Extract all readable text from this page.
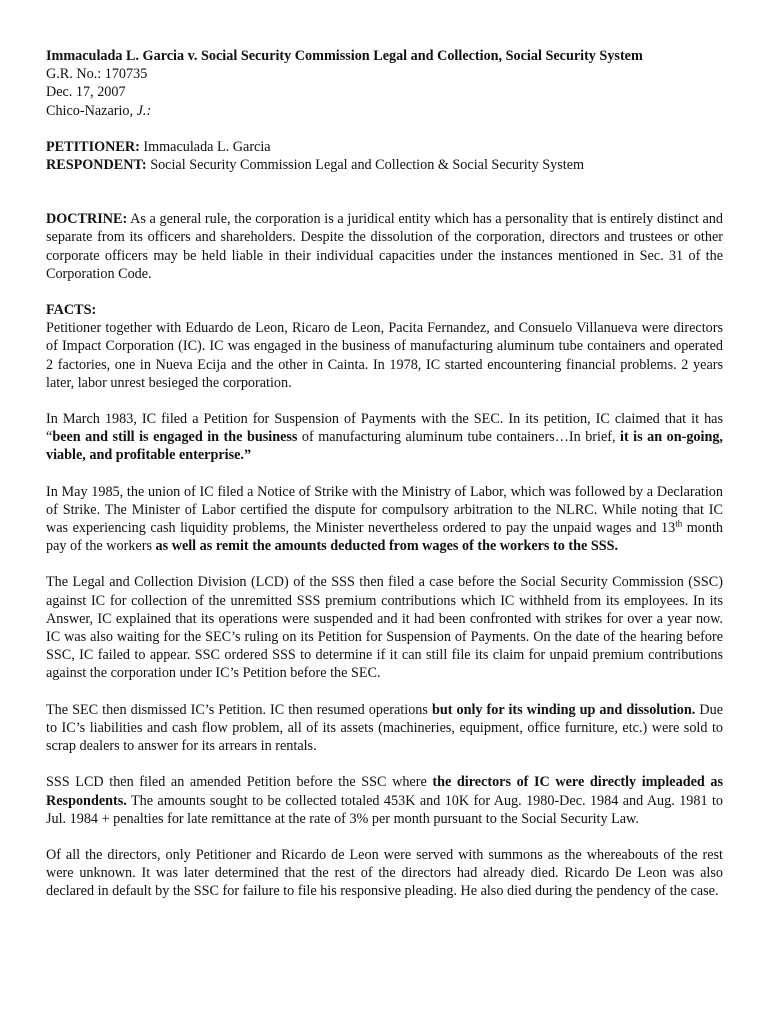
Immaculada L. Garcia v. Social Security Commission Legal and Collection, Social Security System
G.R. No.: 170735
Dec. 17, 2007
Chico-Nazario, J.:
PETITIONER: Immaculada L. Garcia
RESPONDENT: Social Security Commission Legal and Collection & Social Security System

DOCTRINE: As a general rule, the corporation is a juridical entity which has a personality that is entirely distinct and separate from its officers and shareholders. Despite the dissolution of the corporation, directors and trustees or other corporate officers may be held liable in their individual capacities under the instances mentioned in Sec. 31 of the Corporation Code.

FACTS:

Petitioner together with Eduardo de Leon, Ricaro de Leon, Pacita Fernandez, and Consuelo Villanueva were directors of Impact Corporation (IC). IC was engaged in the business of manufacturing aluminum tube containers and operated 2 factories, one in Nueva Ecija and the other in Cainta. In 1978, IC started encountering financial problems. 2 years later, labor unrest besieged the corporation.

In March 1983, IC filed a Petition for Suspension of Payments with the SEC. In its petition, IC claimed that it has “been and still is engaged in the business of manufacturing aluminum tube containers…In brief, it is an on-going, viable, and profitable enterprise.”

In May 1985, the union of IC filed a Notice of Strike with the Ministry of Labor, which was followed by a Declaration of Strike. The Minister of Labor certified the dispute for compulsory arbitration to the NLRC. While noting that IC was experiencing cash liquidity problems, the Minister nevertheless ordered to pay the unpaid wages and 13th month pay of the workers as well as remit the amounts deducted from wages of the workers to the SSS.

The Legal and Collection Division (LCD) of the SSS then filed a case before the Social Security Commission (SSC) against IC for collection of the unremitted SSS premium contributions which IC withheld from its employees. In its Answer, IC explained that its operations were suspended and it had been confronted with strikes for over a year now. IC was also waiting for the SEC’s ruling on its Petition for Suspension of Payments. On the date of the hearing before SSC, IC failed to appear. SSC ordered SSS to determine if it can still file its claim for unpaid premium contributions against the corporation under IC’s Petition before the SEC.

The SEC then dismissed IC’s Petition. IC then resumed operations but only for its winding up and dissolution. Due to IC’s liabilities and cash flow problem, all of its assets (machineries, equipment, office furniture, etc.) were sold to scrap dealers to answer for its arrears in rentals.

SSS LCD then filed an amended Petition before the SSC where the directors of IC were directly impleaded as Respondents. The amounts sought to be collected totaled 453K and 10K for Aug. 1980-Dec. 1984 and Aug. 1981 to Jul. 1984 + penalties for late remittance at the rate of 3% per month pursuant to the Social Security Law.

Of all the directors, only Petitioner and Ricardo de Leon were served with summons as the whereabouts of the rest were unknown. It was later determined that the rest of the directors had already died. Ricardo De Leon was also declared in default by the SSC for failure to file his responsive pleading. He also died during the pendency of the case.
